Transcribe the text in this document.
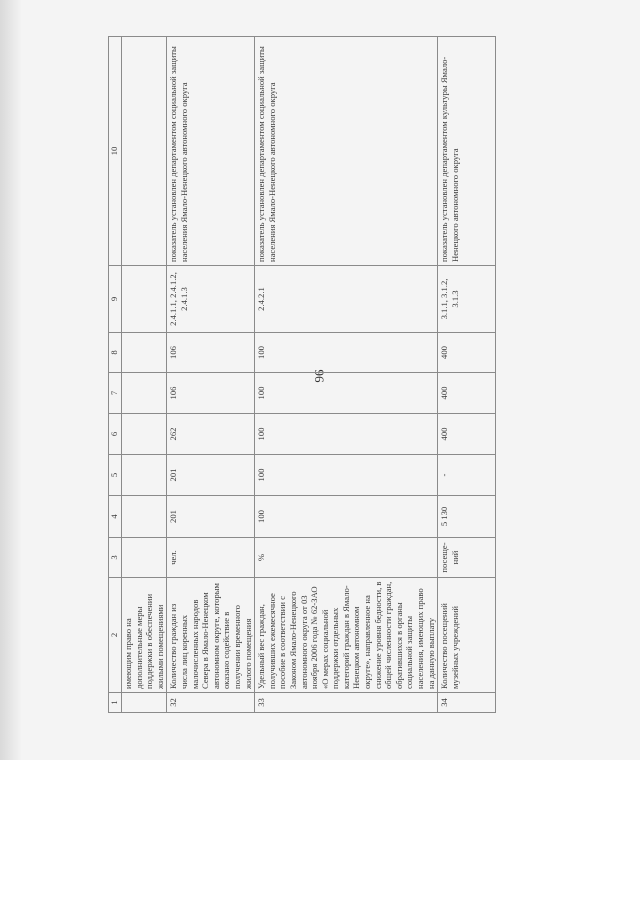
96
1	2	3	4	5	6	7	8	9	10
	имеющим право на дополнительные меры поддержки в обеспечении жилыми помещениями								
32	Количество граждан из числа лиц коренных малочисленных народов Севера в Ямало-Ненецком автономном округе, которым оказано содействие в получении временного жилого помещения	чел.	201	201	262	106	106	2.4.1.1, 2.4.1.2, 2.4.1.3	показатель установлен департаментом социальной защиты населения Ямало-Ненецкого автономного округа
33	Удельный вес граждан, получивших ежемесячное пособие в соответствии с Законом Ямало-Ненецкого автономного округа от 03 ноября 2006 года № 62-ЗАО «О мерах социальной поддержки отдельных категорий граждан в Ямало-Ненецком автономном округе», направленное на снижение уровня бедности, в общей численности граждан, обратившихся в органы социальной защиты населения, имеющих право на данную выплату	%	100	100	100	100	100	2.4.2.1	показатель установлен департаментом социальной защиты населения Ямало-Ненецкого автономного округа
34	Количество посещений музейных учреждений	посеще-ний	5 130	-	400	400	400	3.1.1, 3.1.2, 3.1.3	показатель установлен департаментом культуры Ямало-Ненецкого автономного округа
